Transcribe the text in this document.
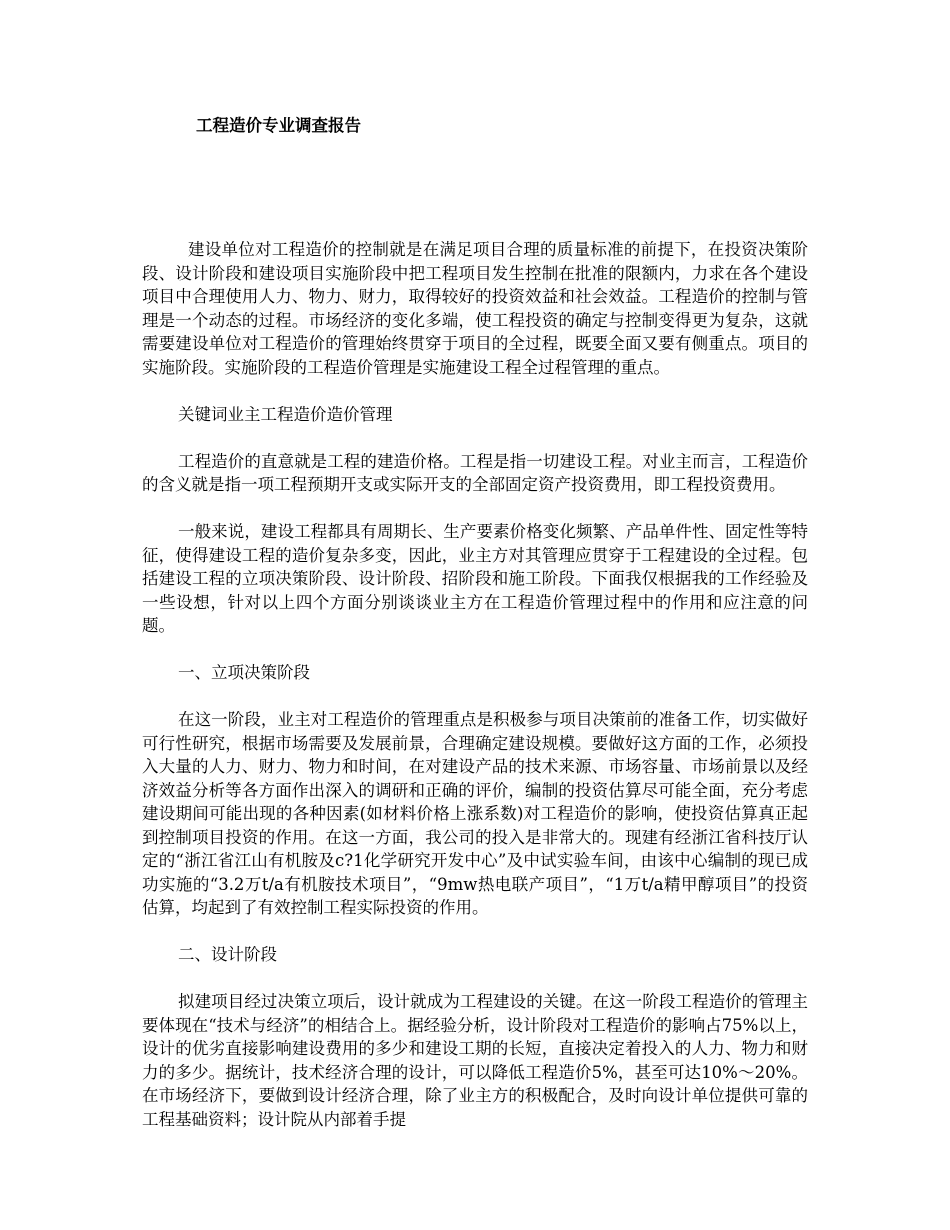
工程造价专业调查报告

建设单位对工程造价的控制就是在满足项目合理的质量标准的前提下，在投资决策阶段、设计阶段和建设项目实施阶段中把工程项目发生控制在批准的限额内，力求在各个建设项目中合理使用人力、物力、财力，取得较好的投资效益和社会效益。工程造价的控制与管理是一个动态的过程。市场经济的变化多端，使工程投资的确定与控制变得更为复杂，这就需要建设单位对工程造价的管理始终贯穿于项目的全过程，既要全面又要有侧重点。项目的实施阶段。实施阶段的工程造价管理是实施建设工程全过程管理的重点。

关键词业主工程造价造价管理

工程造价的直意就是工程的建造价格。工程是指一切建设工程。对业主而言，工程造价的含义就是指一项工程预期开支或实际开支的全部固定资产投资费用，即工程投资费用。

一般来说，建设工程都具有周期长、生产要素价格变化频繁、产品单件性、固定性等特征，使得建设工程的造价复杂多变，因此，业主方对其管理应贯穿于工程建设的全过程。包括建设工程的立项决策阶段、设计阶段、招阶段和施工阶段。下面我仅根据我的工作经验及一些设想，针对以上四个方面分别谈谈业主方在工程造价管理过程中的作用和应注意的问题。

一、立项决策阶段

在这一阶段，业主对工程造价的管理重点是积极参与项目决策前的准备工作，切实做好可行性研究，根据市场需要及发展前景，合理确定建设规模。要做好这方面的工作，必须投入大量的人力、财力、物力和时间，在对建设产品的技术来源、市场容量、市场前景以及经济效益分析等各方面作出深入的调研和正确的评价，编制的投资估算尽可能全面，充分考虑建设期间可能出现的各种因素(如材料价格上涨系数)对工程造价的影响，使投资估算真正起到控制项目投资的作用。在这一方面，我公司的投入是非常大的。现建有经浙江省科技厅认定的“浙江省江山有机胺及c?1化学研究开发中心”及中试实验车间，由该中心编制的现已成功实施的“3.2万t/a有机胺技术项目”，“9mw热电联产项目”，“1万t/a精甲醇项目”的投资估算，均起到了有效控制工程实际投资的作用。

二、设计阶段

拟建项目经过决策立项后，设计就成为工程建设的关键。在这一阶段工程造价的管理主要体现在“技术与经济”的相结合上。据经验分析，设计阶段对工程造价的影响占75%以上，设计的优劣直接影响建设费用的多少和建设工期的长短，直接决定着投入的人力、物力和财力的多少。据统计，技术经济合理的设计，可以降低工程造价5%，甚至可达10%～20%。在市场经济下，要做到设计经济合理，除了业主方的积极配合，及时向设计单位提供可靠的工程基础资料；设计院从内部着手提
